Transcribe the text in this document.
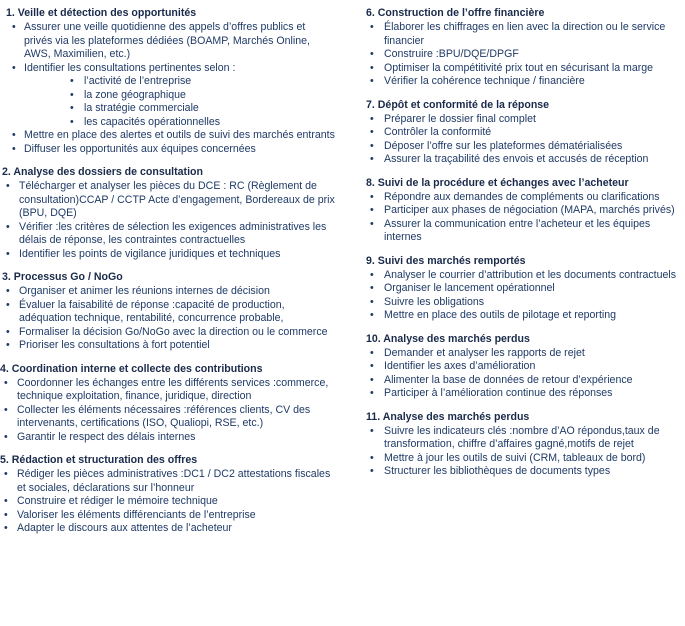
1. Veille et détection des opportunités
• Assurer une veille quotidienne des appels d’offres publics et privés via les plateformes dédiées (BOAMP, Marchés Online, AWS, Maximilien, etc.)
• Identifier les consultations pertinentes selon :
• l’activité de l’entreprise
• la zone géographique
• la stratégie commerciale
• les capacités opérationnelles
• Mettre en place des alertes et outils de suivi des marchés entrants
• Diffuser les opportunités aux équipes concernées
2. Analyse des dossiers de consultation
• Télécharger et analyser les pièces du DCE : RC (Règlement de consultation)CCAP / CCTP Acte d’engagement, Bordereaux de prix (BPU, DQE)
• Vérifier :les critères de sélection les exigences administratives les délais de réponse, les contraintes contractuelles
• Identifier les points de vigilance juridiques et techniques
3. Processus Go / NoGo
• Organiser et animer les réunions internes de décision
• Évaluer la faisabilité de réponse :capacité de production, adéquation technique, rentabilité, concurrence probable,
• Formaliser la décision Go/NoGo avec la direction ou le commerce
• Prioriser les consultations à fort potentiel
4. Coordination interne et collecte des contributions
• Coordonner les échanges entre les différents services :commerce, technique exploitation, finance, juridique, direction
• Collecter les éléments nécessaires :références clients, CV des intervenants, certifications (ISO, Qualiopi, RSE, etc.)
• Garantir le respect des délais internes
5. Rédaction et structuration des offres
• Rédiger les pièces administratives :DC1 / DC2 attestations fiscales et sociales, déclarations sur l’honneur
• Construire et rédiger le mémoire technique
• Valoriser les éléments différenciants de l’entreprise
• Adapter le discours aux attentes de l’acheteur
6. Construction de l’offre financière
• Élaborer les chiffrages en lien avec la direction ou le service financier
• Construire :BPU/DQE/DPGF
• Optimiser la compétitivité prix tout en sécurisant la marge
• Vérifier la cohérence technique / financière
7. Dépôt et conformité de la réponse
• Préparer le dossier final complet
• Contrôler la conformité
• Déposer l’offre sur les plateformes dématérialisées
• Assurer la traçabilité des envois et accusés de réception
8. Suivi de la procédure et échanges avec l’acheteur
• Répondre aux demandes de compléments ou clarifications
• Participer aux phases de négociation (MAPA, marchés privés)
• Assurer la communication entre l’acheteur et les équipes internes
9. Suivi des marchés remportés
• Analyser le courrier d’attribution et les documents contractuels
• Organiser le lancement opérationnel
• Suivre les obligations
• Mettre en place des outils de pilotage et reporting
10. Analyse des marchés perdus
• Demander et analyser les rapports de rejet
• Identifier les axes d’amélioration
• Alimenter la base de données de retour d’expérience
• Participer à l’amélioration continue des réponses
11. Analyse des marchés perdus
• Suivre les indicateurs clés :nombre d’AO répondus,taux de transformation, chiffre d’affaires gagné,motifs de rejet
• Mettre à jour les outils de suivi (CRM, tableaux de bord)
• Structurer les bibliothèques de documents types
